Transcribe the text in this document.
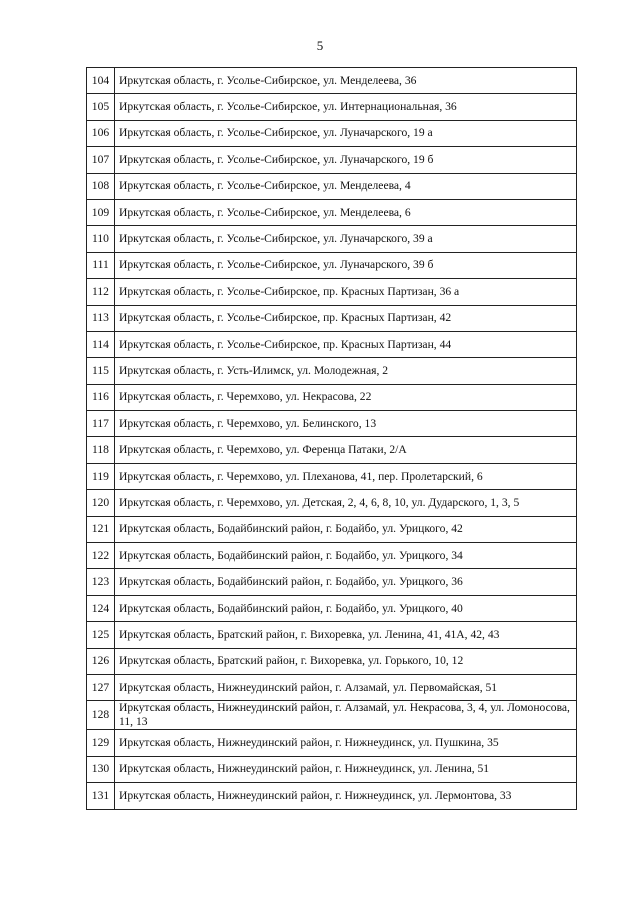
5
104	Иркутская область, г. Усолье-Сибирское, ул. Менделеева, 36
105	Иркутская область, г. Усолье-Сибирское, ул. Интернациональная, 36
106	Иркутская область, г. Усолье-Сибирское, ул. Луначарского, 19 а
107	Иркутская область, г. Усолье-Сибирское, ул. Луначарского, 19 б
108	Иркутская область, г. Усолье-Сибирское, ул. Менделеева, 4
109	Иркутская область, г. Усолье-Сибирское, ул. Менделеева, 6
110	Иркутская область, г. Усолье-Сибирское, ул. Луначарского, 39 а
111	Иркутская область, г. Усолье-Сибирское, ул. Луначарского, 39 б
112	Иркутская область, г. Усолье-Сибирское, пр. Красных Партизан, 36 а
113	Иркутская область, г. Усолье-Сибирское, пр. Красных Партизан, 42
114	Иркутская область, г. Усолье-Сибирское, пр. Красных Партизан, 44
115	Иркутская область, г. Усть-Илимск, ул. Молодежная, 2
116	Иркутская область, г. Черемхово, ул. Некрасова, 22
117	Иркутская область, г. Черемхово, ул. Белинского, 13
118	Иркутская область, г. Черемхово, ул. Ференца Патаки, 2/А
119	Иркутская область, г. Черемхово, ул. Плеханова, 41, пер. Пролетарский, 6
120	Иркутская область, г. Черемхово, ул. Детская, 2, 4, 6, 8, 10, ул. Дударского, 1, 3, 5
121	Иркутская область, Бодайбинский район, г. Бодайбо, ул. Урицкого, 42
122	Иркутская область, Бодайбинский район, г. Бодайбо, ул. Урицкого, 34
123	Иркутская область, Бодайбинский район, г. Бодайбо, ул. Урицкого, 36
124	Иркутская область, Бодайбинский район, г. Бодайбо, ул. Урицкого, 40
125	Иркутская область, Братский район, г. Вихоревка, ул. Ленина, 41, 41А, 42, 43
126	Иркутская область, Братский район, г. Вихоревка, ул. Горького, 10, 12
127	Иркутская область, Нижнеудинский район, г. Алзамай, ул. Первомайская, 51
128	Иркутская область, Нижнеудинский район, г. Алзамай, ул. Некрасова, 3, 4, ул. Ломоносова, 11, 13
129	Иркутская область, Нижнеудинский район, г. Нижнеудинск, ул. Пушкина, 35
130	Иркутская область, Нижнеудинский район, г. Нижнеудинск, ул. Ленина, 51
131	Иркутская область, Нижнеудинский район, г. Нижнеудинск, ул. Лермонтова, 33
